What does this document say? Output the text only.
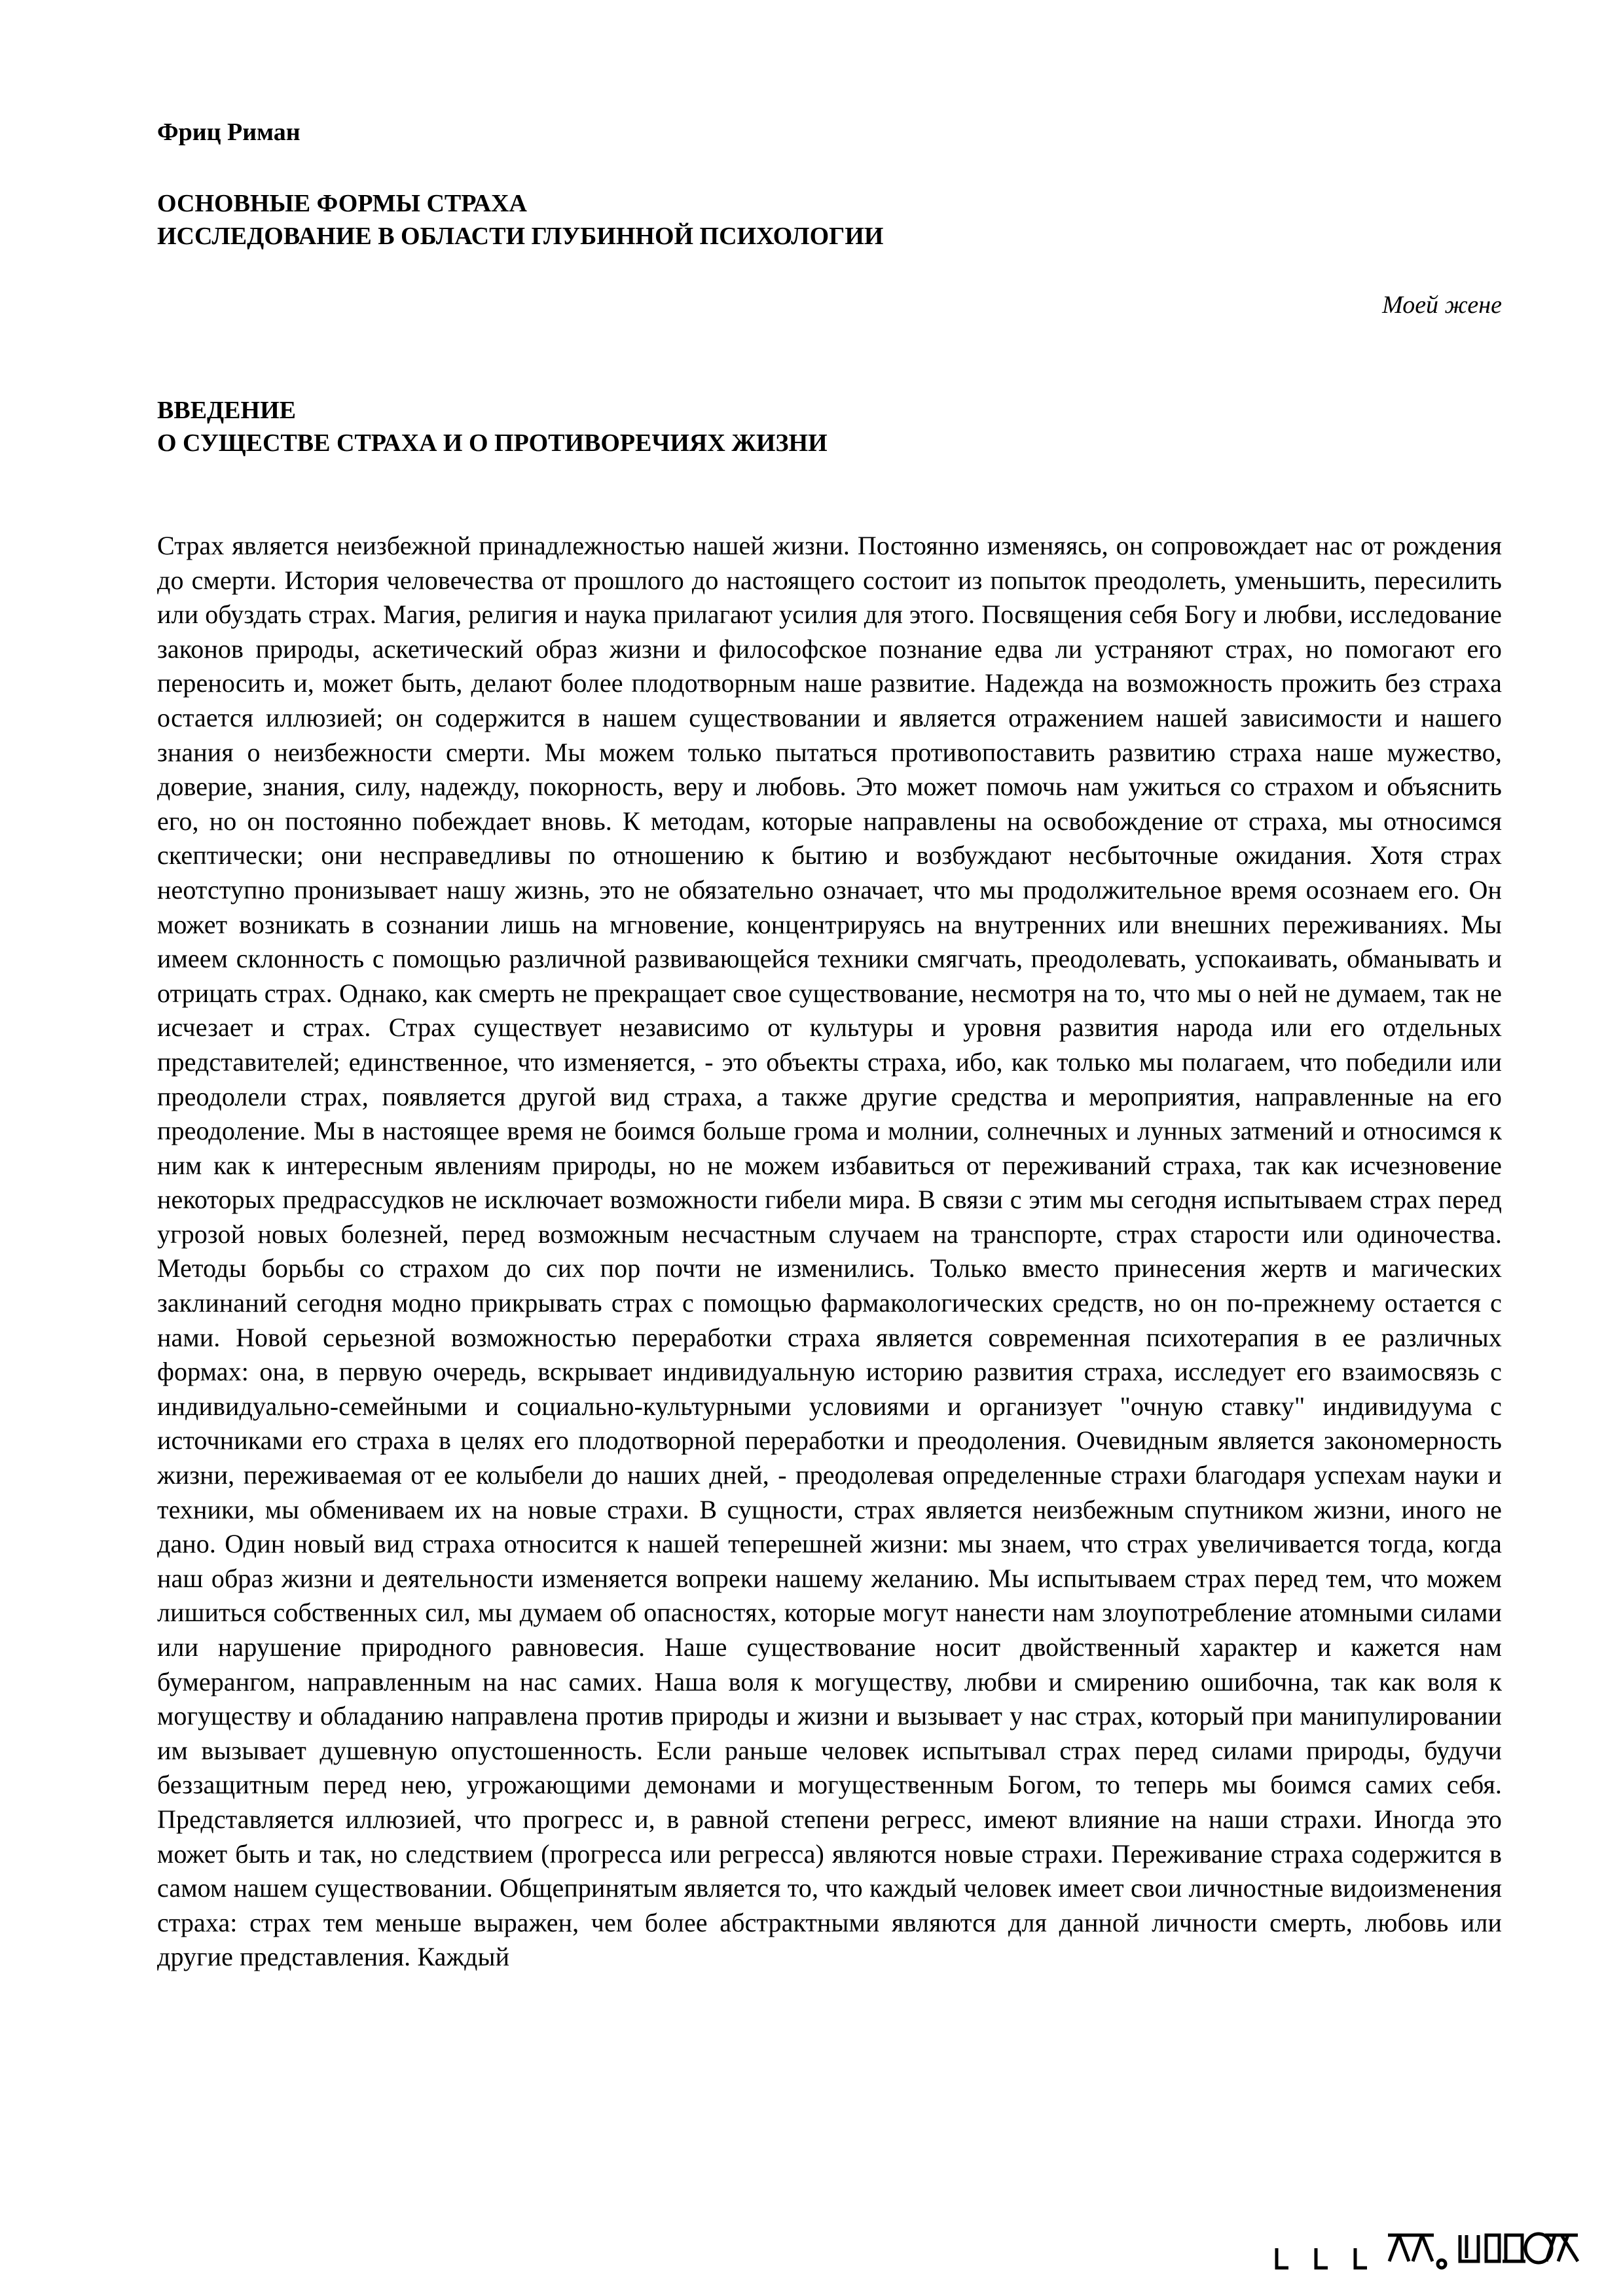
Фриц Риман

ОСНОВНЫЕ ФОРМЫ СТРАХА
ИССЛЕДОВАНИЕ В ОБЛАСТИ ГЛУБИННОЙ ПСИХОЛОГИИ

Моей жене

ВВЕДЕНИЕ
О СУЩЕСТВЕ СТРАХА И О ПРОТИВОРЕЧИЯХ ЖИЗНИ

Страх является неизбежной принадлежностью нашей жизни. Постоянно изменяясь, он сопровождает нас от рождения до смерти. История человечества от прошлого до настоящего состоит из попыток преодолеть, уменьшить, пересилить или обуздать страх. Магия, религия и наука прилагают усилия для этого. Посвящения себя Богу и любви, исследование законов природы, аскетический образ жизни и философское познание едва ли устраняют страх, но помогают его переносить и, может быть, делают более плодотворным наше развитие. Надежда на возможность прожить без страха остается иллюзией; он содержится в нашем существовании и является отражением нашей зависимости и нашего знания о неизбежности смерти. Мы можем только пытаться противопоставить развитию страха наше мужество, доверие, знания, силу, надежду, покорность, веру и любовь. Это может помочь нам ужиться со страхом и объяснить его, но он постоянно побеждает вновь. К методам, которые направлены на освобождение от страха, мы относимся скептически; они несправедливы по отношению к бытию и возбуждают несбыточные ожидания. Хотя страх неотступно пронизывает нашу жизнь, это не обязательно означает, что мы продолжительное время осознаем его. Он может возникать в сознании лишь на мгновение, концентрируясь на внутренних или внешних переживаниях. Мы имеем склонность с помощью различной развивающейся техники смягчать, преодолевать, успокаивать, обманывать и отрицать страх. Однако, как смерть не прекращает свое существование, несмотря на то, что мы о ней не думаем, так не исчезает и страх. Страх существует независимо от культуры и уровня развития народа или его отдельных представителей; единственное, что изменяется, - это объекты страха, ибо, как только мы полагаем, что победили или преодолели страх, появляется другой вид страха, а также другие средства и мероприятия, направленные на его преодоление. Мы в настоящее время не боимся больше грома и молнии, солнечных и лунных затмений и относимся к ним как к интересным явлениям природы, но не можем избавиться от переживаний страха, так как исчезновение некоторых предрассудков не исключает возможности гибели мира. В связи с этим мы сегодня испытываем страх перед угрозой новых болезней, перед возможным несчастным случаем на транспорте, страх старости или одиночества. Методы борьбы со страхом до сих пор почти не изменились. Только вместо принесения жертв и магических заклинаний сегодня модно прикрывать страх с помощью фармакологических средств, но он по-прежнему остается с нами. Новой серьезной возможностью переработки страха является современная психотерапия в ее различных формах: она, в первую очередь, вскрывает индивидуальную историю развития страха, исследует его взаимосвязь с индивидуально-семейными и социально-культурными условиями и организует "очную ставку" индивидуума с источниками его страха в целях его плодотворной переработки и преодоления. Очевидным является закономерность жизни, переживаемая от ее колыбели до наших дней, - преодолевая определенные страхи благодаря успехам науки и техники, мы обмениваем их на новые страхи. В сущности, страх является неизбежным спутником жизни, иного не дано. Один новый вид страха относится к нашей теперешней жизни: мы знаем, что страх увеличивается тогда, когда наш образ жизни и деятельности изменяется вопреки нашему желанию. Мы испытываем страх перед тем, что можем лишиться собственных сил, мы думаем об опасностях, которые могут нанести нам злоупотребление атомными силами или нарушение природного равновесия. Наше существование носит двойственный характер и кажется нам бумерангом, направленным на нас самих. Наша воля к могуществу, любви и смирению ошибочна, так как воля к могуществу и обладанию направлена против природы и жизни и вызывает у нас страх, который при манипулировании им вызывает душевную опустошенность. Если раньше человек испытывал страх перед силами природы, будучи беззащитным перед нею, угрожающими демонами и могущественным Богом, то теперь мы боимся самих себя. Представляется иллюзией, что прогресс и, в равной степени регресс, имеют влияние на наши страхи. Иногда это может быть и так, но следствием (прогресса или регресса) являются новые страхи. Переживание страха содержится в самом нашем существовании. Общепринятым является то, что каждый человек имеет свои личностные видоизменения страха: страх тем меньше выражен, чем более абстрактными являются для данной личности смерть, любовь или другие представления. Каждый
